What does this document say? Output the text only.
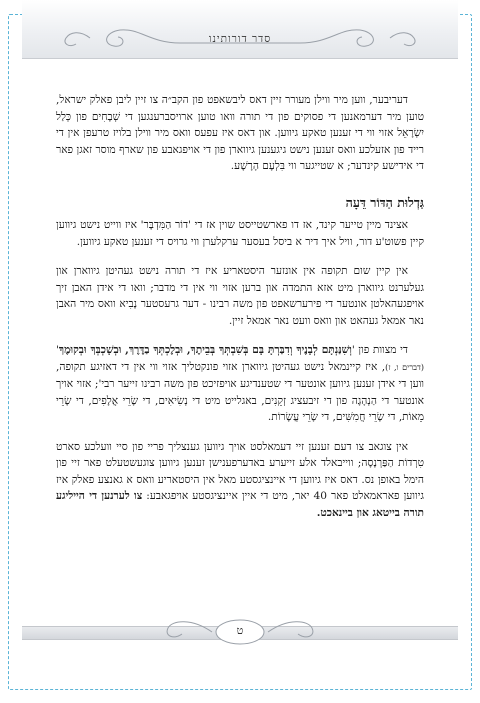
סדר דורותינו

דעריבער, ווען מיר ווילן מעורר זיין דאס ליבשאפט פון הקב״ה צו זיין ליבן פאלק ישראל, טוען מיר דערמאנען די פסוקים פון די תורה וואו טוען ארויסברענגען די שְׁבָחִים פון כְּלַל יִשְׂרָאֵל אזוי ווי די זענען טאקע גיווען. און דאס איז עפעס וואס מיר ווילן בלויז טרעפן אין די רייד פון אזעלכע וואס זענען נישט גיגענען גיווארן פון די אויפגאבע פון שארף מוסר זאגן פאר די אידישע קינדער; א שטייגער ווי בִּלְעָם הָרָשָׁע.

גַּדְלוּת הַדּוֹר דֵּעָה

אצינד מיין טייער קינד, אז דו פארשטייסט שוין אז די 'דוֹר הַמִּדְבָּר' איז ווייט נישט גיווען קיין פשוט'ע דור, וויל איך דיר א ביסל בעסער ערקלערן ווי גרויס די זענען טאקע גיווען.

אין קיין שום תקופה אין אונזער היסטאריע איז די תורה נישט געהיטן גיווארן און געלערנט גיווארן מיט אזא התמדה און ברען אזוי ווי אין די מדבר; וואו די אידן האבן זיך אויפגעהאלטן אונטער די פירערשאפט פון משה רבינו - דער גרעסטער נָבִיא וואס מיר האבן נאר אמאל געהאט און וואס וועט נאר אמאל זיין.

די מצוות פון 'וְשִׁנַּנְתָּם לְבָנֶיךָ וְדִבַּרְתָּ בָּם בְּשִׁבְתְּךָ בְּבֵיתֶךָ, וּבְלֶכְתְּךָ בַדֶּרֶךְ, וּבְשָׁכְבְּךָ וּבְקוּמֶךָ' (דברים ו, ז), איז קיינמאל נישט געהיטן גיווארן אזוי פונקטליך אזוי ווי אין די דאזיגע תקופה, ווען די אידן זענען גיווען אונטער די שטענדיגע אויפזיכט פון משה רבינו זייער רבי'; אזוי אויך אונטער די הַנְהָגָה פון די זיבעציג זְקֵנִים, באגלייט מיט די נְשִׂיאִים, די שָׂרֵי אֲלָפִים, די שָׂרֵי מֵאוֹת, די שָׂרֵי חֲמִשִּׁים, די שָׂרֵי עֲשָׂרוֹת.

אין צוגאב צו דעם זענען זיי דעמאלסט אויך גיווען גענצליך פריי פון סיי וועלכע סארט טִרְדוֹת הַפַּרְנָסָה; ווייבאלד אלע זייערע באדערפענישן זענען גיווען צוגעשטעלט פאר זיי פון הימל באופן נס. דאס איז גיווען די איינציגסטע מאל אין היסטאריע וואס א גאנצע פאלק איז גיווען פאראמאלט פאר 40 יאר, מיט די איין איינציגסטע אויפגאבע: צו לערנען די הייליגע תורה בייטאג און ביינאכט.

ט
